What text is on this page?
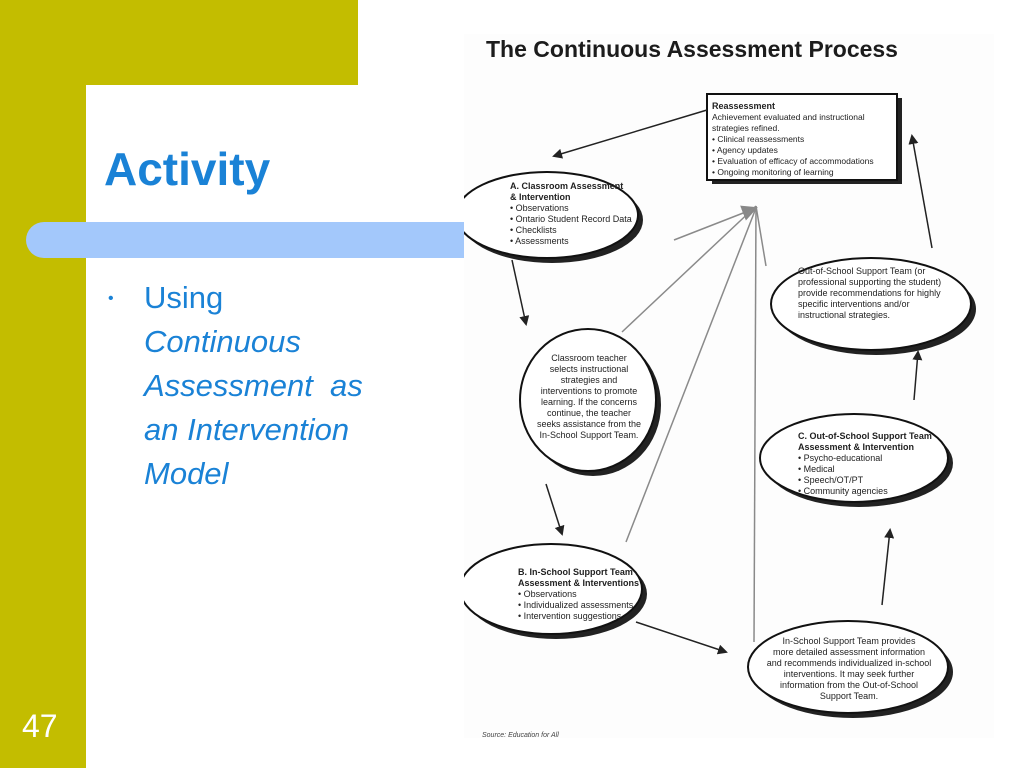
Activity
• Using
Continuous
Assessment  as
an Intervention
Model
47
The Continuous Assessment Process
Reassessment
Achievement evaluated and instructional
strategies refined.
• Clinical reassessments
• Agency updates
• Evaluation of efficacy of accommodations
• Ongoing monitoring of learning
A. Classroom Assessment
& Intervention
• Observations
• Ontario Student Record Data
• Checklists
• Assessments
Classroom teacher
selects instructional
strategies and
interventions to promote
learning. If the concerns
continue, the teacher
seeks assistance from the
In-School Support Team.
B. In-School Support Team
Assessment & Interventions
• Observations
• Individualized assessments
• Intervention suggestions
In-School Support Team provides
more detailed assessment information
and recommends individualized in-school
interventions. It may seek further
information from the Out-of-School
Support Team.
C. Out-of-School Support Team
Assessment & Intervention
• Psycho-educational
• Medical
• Speech/OT/PT
• Community agencies
Out-of-School Support Team (or
professional supporting the student)
provide recommendations for highly
specific interventions and/or
instructional strategies.
Source: Education for All
